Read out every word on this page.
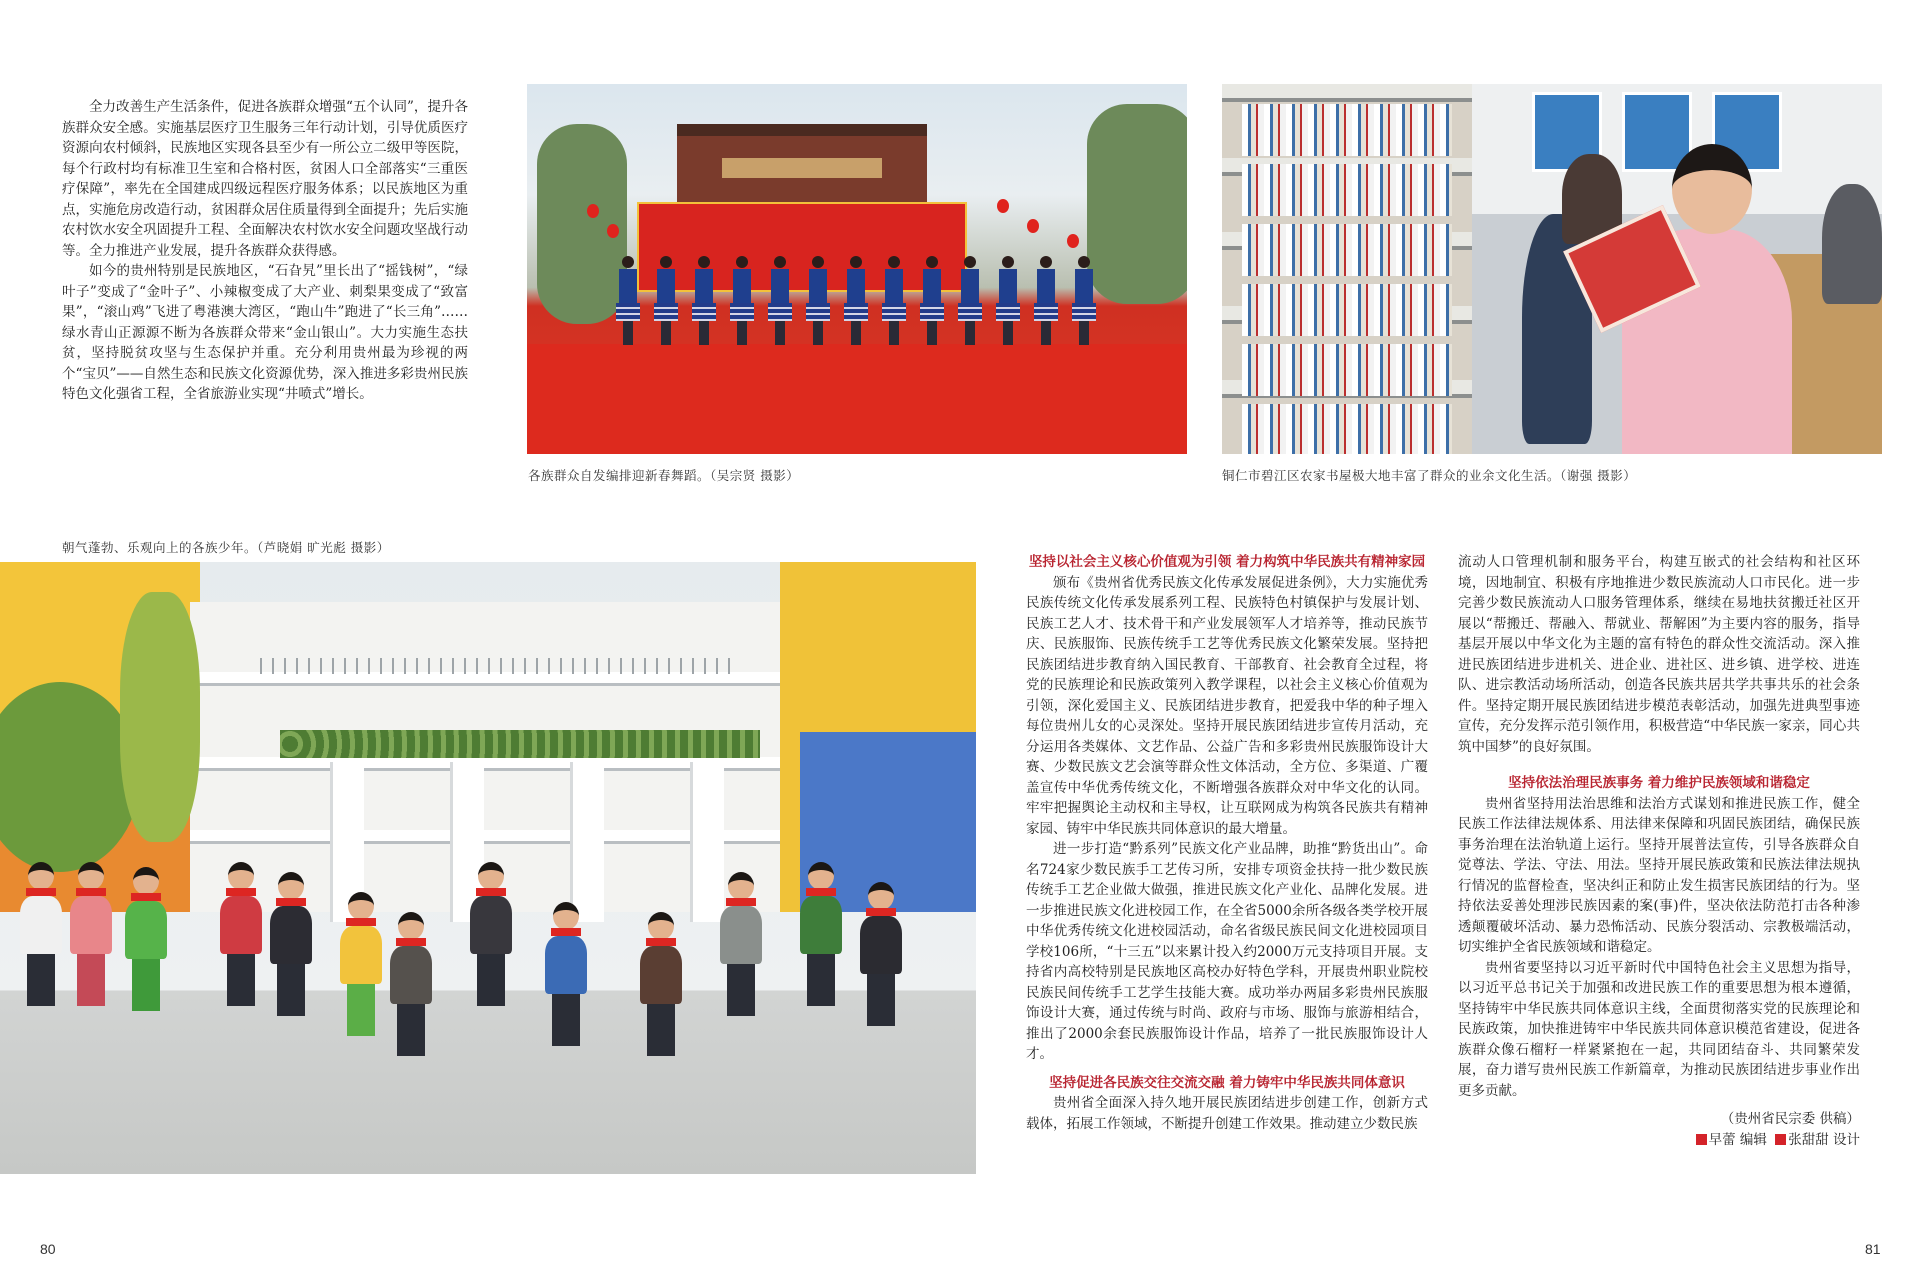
全力改善生产生活条件，促进各族群众增强“五个认同”，提升各族群众安全感。实施基层医疗卫生服务三年行动计划，引导优质医疗资源向农村倾斜，民族地区实现各县至少有一所公立二级甲等医院，每个行政村均有标准卫生室和合格村医，贫困人口全部落实“三重医疗保障”，率先在全国建成四级远程医疗服务体系；以民族地区为重点，实施危房改造行动，贫困群众居住质量得到全面提升；先后实施农村饮水安全巩固提升工程、全面解决农村饮水安全问题攻坚战行动等。全力推进产业发展，提升各族群众获得感。

如今的贵州特别是民族地区，“石旮旯”里长出了“摇钱树”，“绿叶子”变成了“金叶子”、小辣椒变成了大产业、刺梨果变成了“致富果”，“滚山鸡”飞进了粤港澳大湾区，“跑山牛”跑进了“长三角”……绿水青山正源源不断为各族群众带来“金山银山”。大力实施生态扶贫，坚持脱贫攻坚与生态保护并重。充分利用贵州最为珍视的两个“宝贝”——自然生态和民族文化资源优势，深入推进多彩贵州民族特色文化强省工程，全省旅游业实现“井喷式”增长。

各族群众自发编排迎新春舞蹈。（吴宗贤 摄影）	铜仁市碧江区农家书屋极大地丰富了群众的业余文化生活。（谢强 摄影）
朝气蓬勃、乐观向上的各族少年。（芦晓娟 旷光彪 摄影）

坚持以社会主义核心价值观为引领 着力构筑中华民族共有精神家园

颁布《贵州省优秀民族文化传承发展促进条例》，大力实施优秀民族传统文化传承发展系列工程、民族特色村镇保护与发展计划、民族工艺人才、技术骨干和产业发展领军人才培养等，推动民族节庆、民族服饰、民族传统手工艺等优秀民族文化繁荣发展。坚持把民族团结进步教育纳入国民教育、干部教育、社会教育全过程，将党的民族理论和民族政策列入教学课程，以社会主义核心价值观为引领，深化爱国主义、民族团结进步教育，把爱我中华的种子埋入每位贵州儿女的心灵深处。坚持开展民族团结进步宣传月活动，充分运用各类媒体、文艺作品、公益广告和多彩贵州民族服饰设计大赛、少数民族文艺会演等群众性文体活动，全方位、多渠道、广覆盖宣传中华优秀传统文化，不断增强各族群众对中华文化的认同。牢牢把握舆论主动权和主导权，让互联网成为构筑各民族共有精神家园、铸牢中华民族共同体意识的最大增量。

进一步打造“黔系列”民族文化产业品牌，助推“黔货出山”。命名724家少数民族手工艺传习所，安排专项资金扶持一批少数民族传统手工艺企业做大做强，推进民族文化产业化、品牌化发展。进一步推进民族文化进校园工作，在全省5000余所各级各类学校开展中华优秀传统文化进校园活动，命名省级民族民间文化进校园项目学校106所，“十三五”以来累计投入约2000万元支持项目开展。支持省内高校特别是民族地区高校办好特色学科，开展贵州职业院校民族民间传统手工艺学生技能大赛。成功举办两届多彩贵州民族服饰设计大赛，通过传统与时尚、政府与市场、服饰与旅游相结合，推出了2000余套民族服饰设计作品，培养了一批民族服饰设计人才。

坚持促进各民族交往交流交融 着力铸牢中华民族共同体意识

贵州省全面深入持久地开展民族团结进步创建工作，创新方式载体，拓展工作领域，不断提升创建工作效果。推动建立少数民族

流动人口管理机制和服务平台，构建互嵌式的社会结构和社区环境，因地制宜、积极有序地推进少数民族流动人口市民化。进一步完善少数民族流动人口服务管理体系，继续在易地扶贫搬迁社区开展以“帮搬迁、帮融入、帮就业、帮解困”为主要内容的服务，指导基层开展以中华文化为主题的富有特色的群众性交流活动。深入推进民族团结进步进机关、进企业、进社区、进乡镇、进学校、进连队、进宗教活动场所活动，创造各民族共居共学共事共乐的社会条件。坚持定期开展民族团结进步模范表彰活动，加强先进典型事迹宣传，充分发挥示范引领作用，积极营造“中华民族一家亲，同心共筑中国梦”的良好氛围。

坚持依法治理民族事务 着力维护民族领域和谐稳定

贵州省坚持用法治思维和法治方式谋划和推进民族工作，健全民族工作法律法规体系、用法律来保障和巩固民族团结，确保民族事务治理在法治轨道上运行。坚持开展普法宣传，引导各族群众自觉尊法、学法、守法、用法。坚持开展民族政策和民族法律法规执行情况的监督检查，坚决纠正和防止发生损害民族团结的行为。坚持依法妥善处理涉民族因素的案(事)件，坚决依法防范打击各种渗透颠覆破坏活动、暴力恐怖活动、民族分裂活动、宗教极端活动，切实维护全省民族领域和谐稳定。

贵州省要坚持以习近平新时代中国特色社会主义思想为指导，以习近平总书记关于加强和改进民族工作的重要思想为根本遵循，坚持铸牢中华民族共同体意识主线，全面贯彻落实党的民族理论和民族政策，加快推进铸牢中华民族共同体意识模范省建设，促进各族群众像石榴籽一样紧紧抱在一起，共同团结奋斗、共同繁荣发展，奋力谱写贵州民族工作新篇章，为推动民族团结进步事业作出更多贡献。

（贵州省民宗委 供稿）

早蕾 编辑 张甜甜 设计

80	81
